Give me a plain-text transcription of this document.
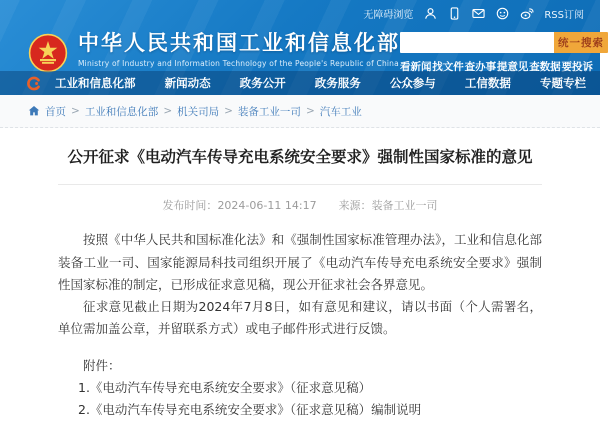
无障碍浏览	RSS订阅
中华人民共和国工业和信息化部
Ministry of Industry and Information Technology of the People's Republic of China
统一搜索
看新闻 找文件 查办事 提意见 查数据 要投诉
工业和信息化部	新闻动态	政务公开	政务服务	公众参与	工信数据	专题专栏
首页 > 工业和信息化部 > 机关司局 > 装备工业一司 > 汽车工业
公开征求《电动汽车传导充电系统安全要求》强制性国家标准的意见
发布时间：2024-06-11 14:17 来源：装备工业一司

按照《中华人民共和国标准化法》和《强制性国家标准管理办法》，工业和信息化部装备工业一司、国家能源局科技司组织开展了《电动汽车传导充电系统安全要求》强制性国家标准的制定，已形成征求意见稿，现公开征求社会各界意见。

征求意见截止日期为2024年7月8日，如有意见和建议，请以书面（个人需署名，单位需加盖公章，并留联系方式）或电子邮件形式进行反馈。

附件：
1.《电动汽车传导充电系统安全要求》（征求意见稿）
2.《电动汽车传导充电系统安全要求》（征求意见稿）编制说明
